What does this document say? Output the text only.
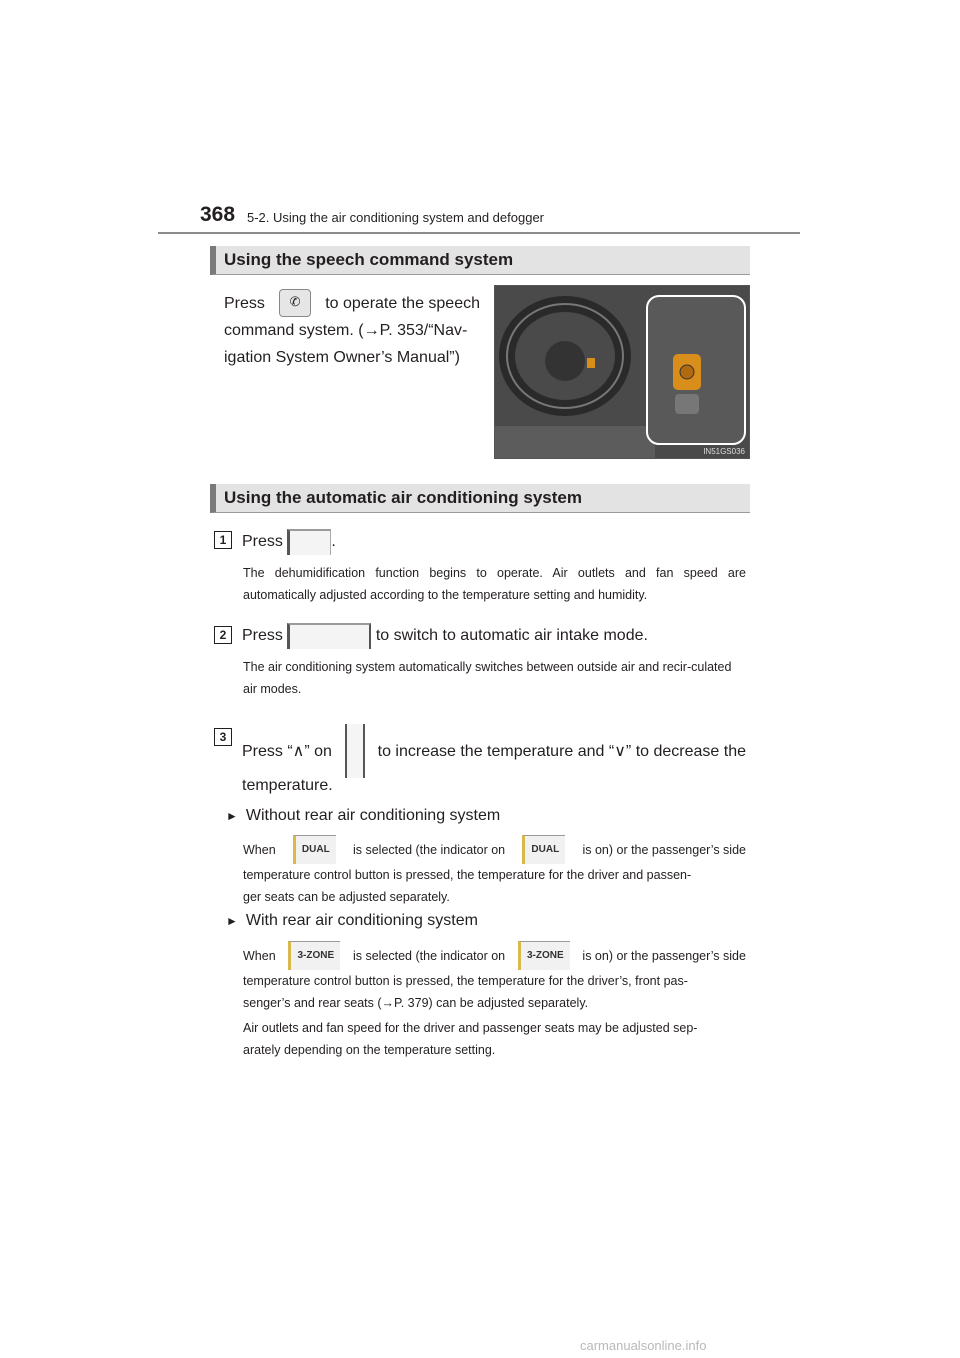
368 5-2. Using the air conditioning system and defogger
Using the speech command system
Press	✆	to operate the speech
command system. (→P. 353/“Nav-
igation System Owner’s Manual”)
IN51GS036
Using the automatic air conditioning system
1 Press	.
The dehumidification function begins to operate. Air outlets and fan speed are automatically adjusted according to the temperature setting and humidity.
2 Press	to switch to automatic air intake mode.
The air conditioning system automatically switches between outside air and recir-culated air modes.
3
Press “∧” on	to increase the temperature and “∨” to decrease the
temperature.
► Without rear air conditioning system
When	DUAL	is selected (the indicator on	DUAL	is on) or the passenger’s side
temperature control button is pressed, the temperature for the driver and passen-
ger seats can be adjusted separately.
► With rear air conditioning system
When	3-ZONE	is selected (the indicator on	3-ZONE	is on) or the passenger’s side
temperature control button is pressed, the temperature for the driver’s, front pas-
senger’s and rear seats (→P. 379) can be adjusted separately.
Air outlets and fan speed for the driver and passenger seats may be adjusted sep-
arately depending on the temperature setting.
carmanualsonline.info
